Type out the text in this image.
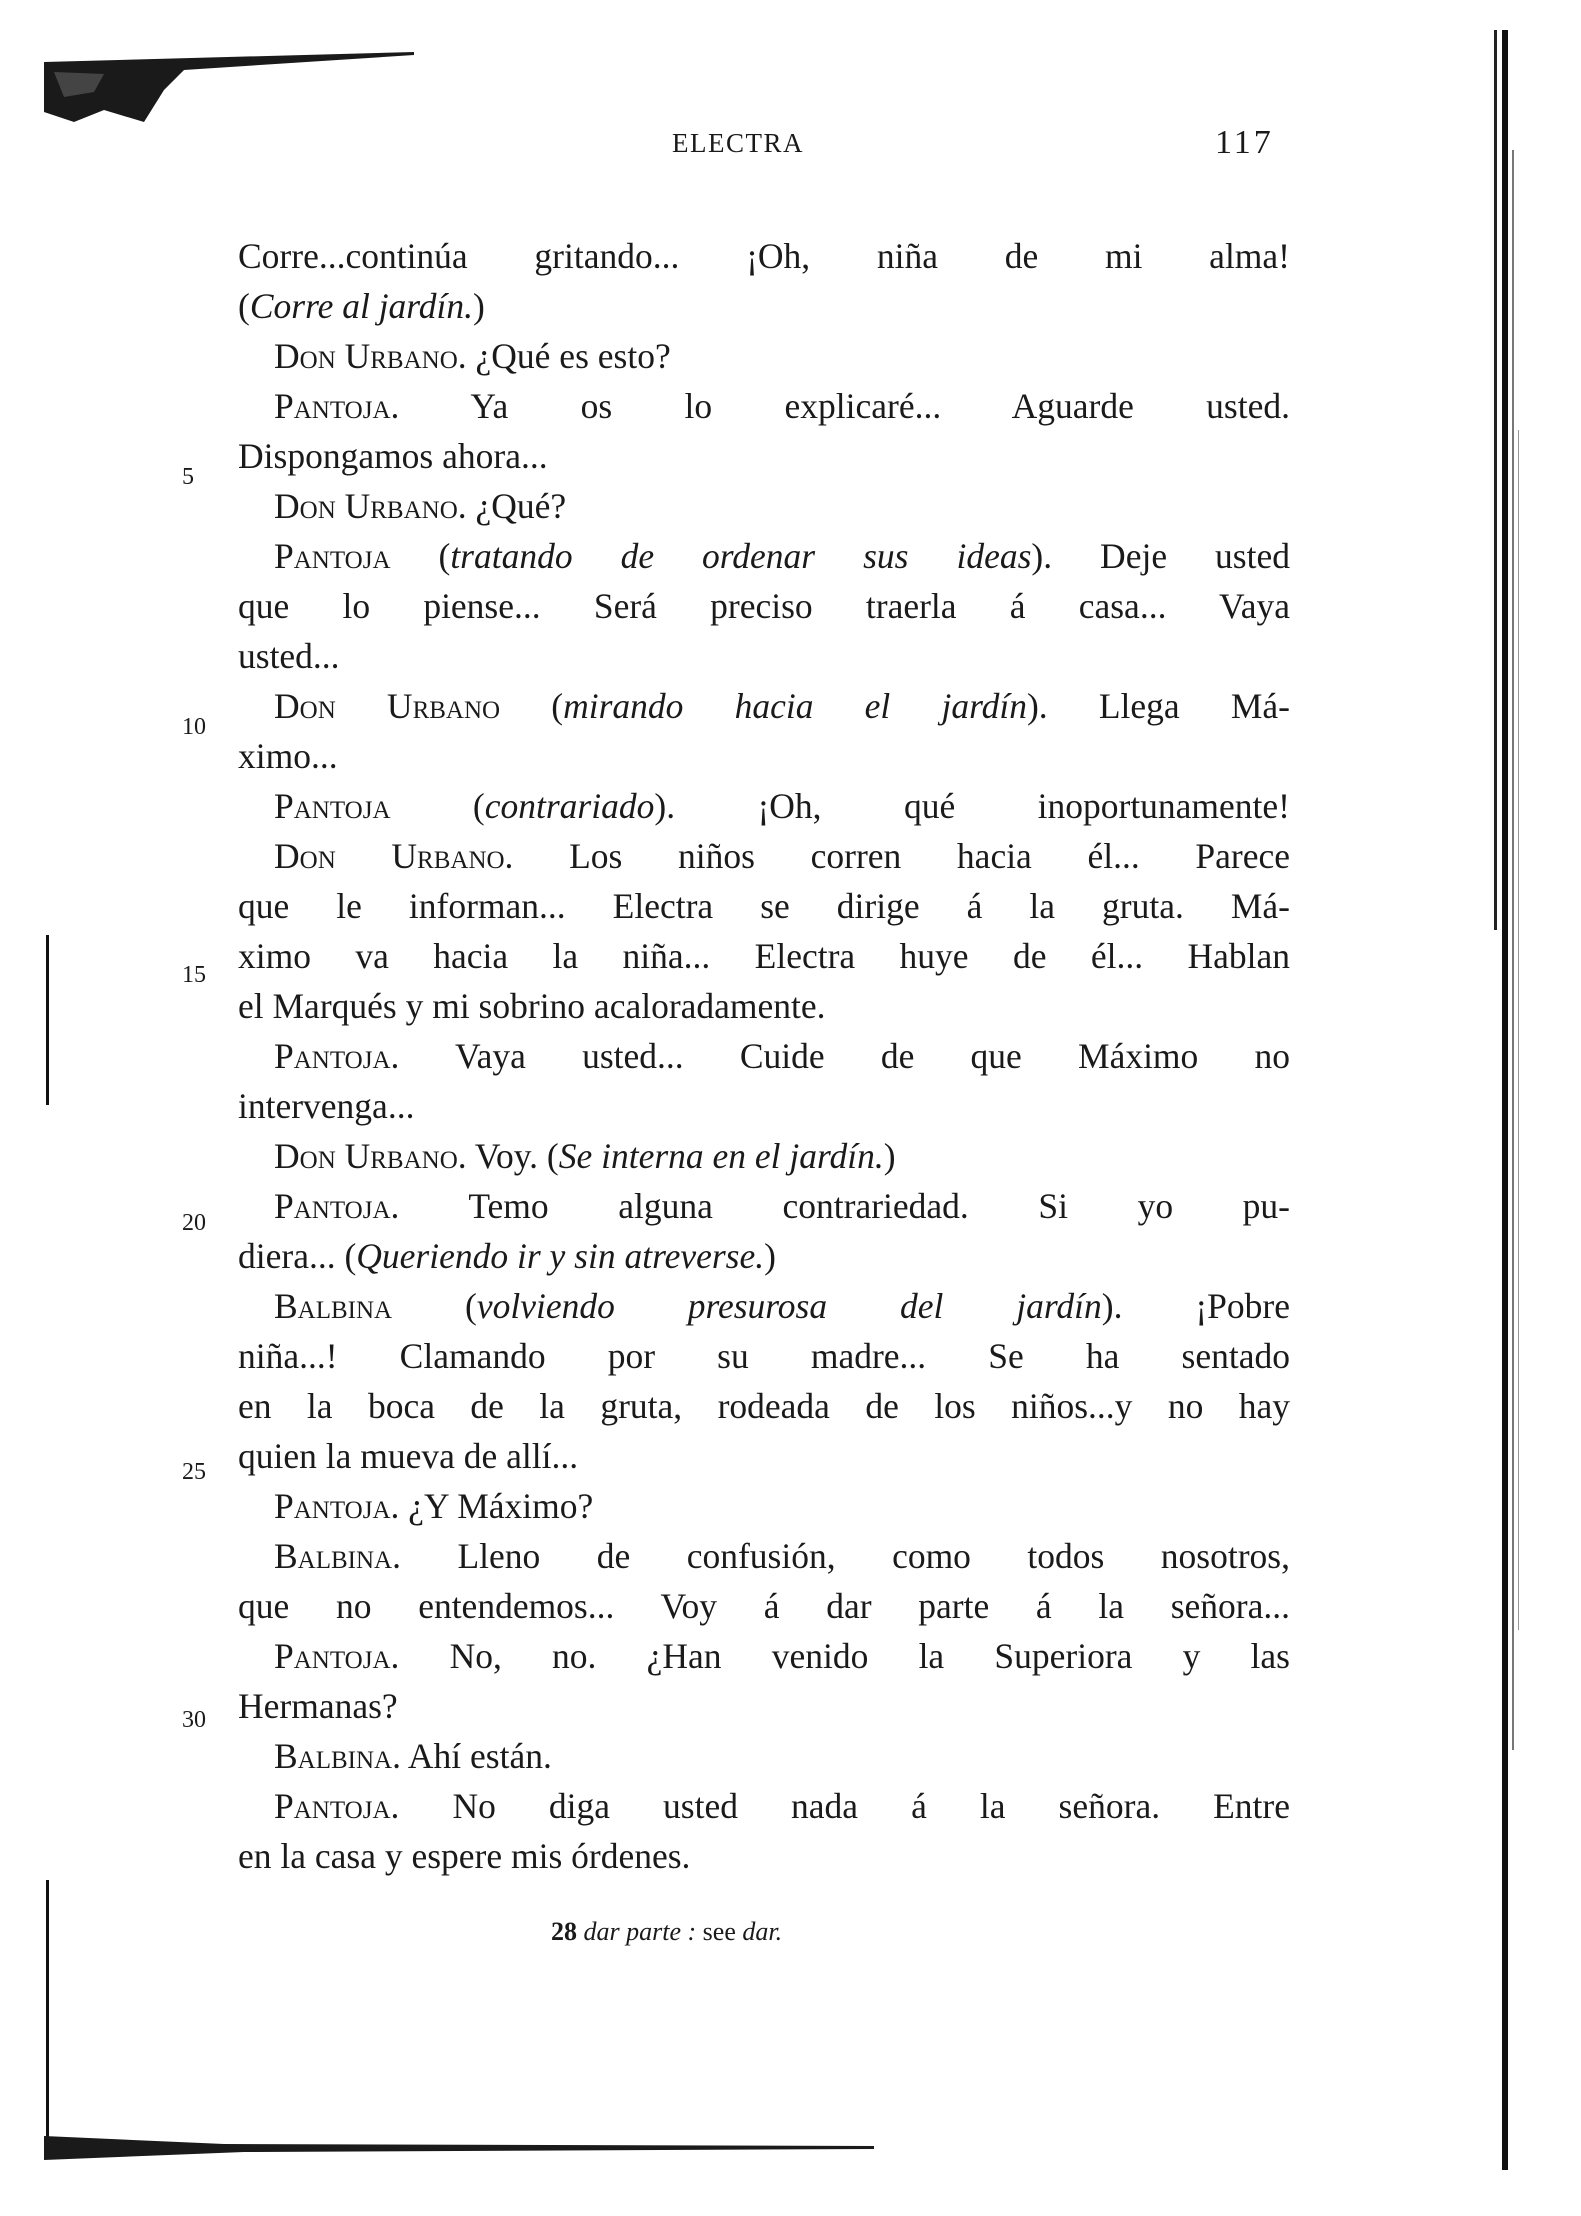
ELECTRA	117
Corre...continúa gritando... ¡Oh, niña de mi alma!
(Corre al jardín.)
Don Urbano. ¿Qué es esto?
Pantoja. Ya os lo explicaré... Aguarde usted.
Dispongamos ahora...
Don Urbano. ¿Qué?
Pantoja (tratando de ordenar sus ideas). Deje usted
que lo piense... Será preciso traerla á casa... Vaya
usted...
Don Urbano (mirando hacia el jardín). Llega Má-
ximo...
Pantoja (contrariado). ¡Oh, qué inoportunamente!
Don Urbano. Los niños corren hacia él... Parece
que le informan... Electra se dirige á la gruta. Má-
ximo va hacia la niña... Electra huye de él... Hablan
el Marqués y mi sobrino acaloradamente.
Pantoja. Vaya usted... Cuide de que Máximo no
intervenga...
Don Urbano. Voy. (Se interna en el jardín.)
Pantoja. Temo alguna contrariedad. Si yo pu-
diera... (Queriendo ir y sin atreverse.)
Balbina (volviendo presurosa del jardín). ¡Pobre
niña...! Clamando por su madre... Se ha sentado
en la boca de la gruta, rodeada de los niños...y no hay
quien la mueva de allí...
Pantoja. ¿Y Máximo?
Balbina. Lleno de confusión, como todos nosotros,
que no entendemos... Voy á dar parte á la señora...
Pantoja. No, no. ¿Han venido la Superiora y las
Hermanas?
Balbina. Ahí están.
Pantoja. No diga usted nada á la señora. Entre
en la casa y espere mis órdenes.
5
10
15
20
25
30
28 dar parte : see dar.
